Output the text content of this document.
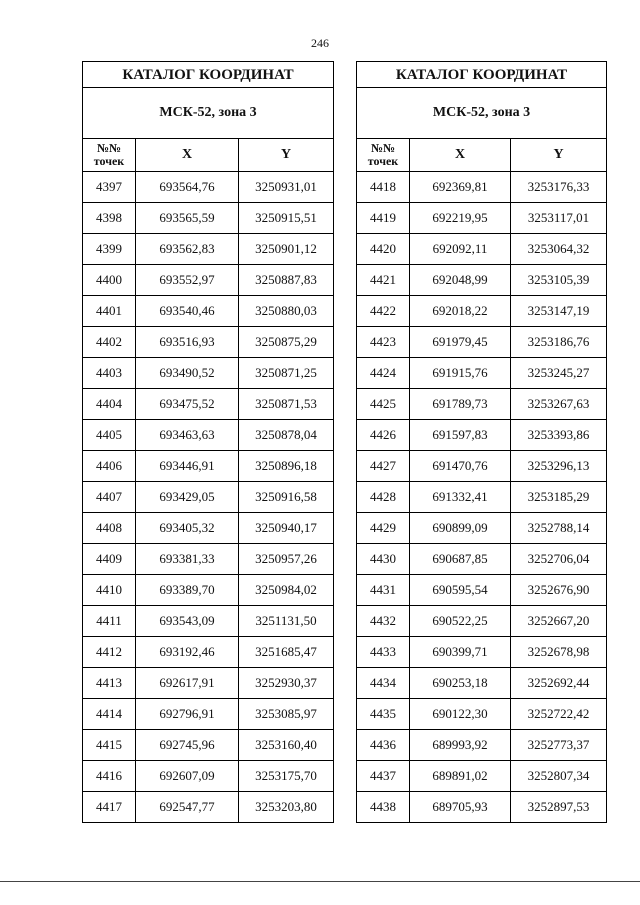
246
КАТАЛОГ КООРДИНАТ		
МСК-52, зона 3		
№№
точек	X	Y
4397	693564,76	3250931,01
4398	693565,59	3250915,51
4399	693562,83	3250901,12
4400	693552,97	3250887,83
4401	693540,46	3250880,03
4402	693516,93	3250875,29
4403	693490,52	3250871,25
4404	693475,52	3250871,53
4405	693463,63	3250878,04
4406	693446,91	3250896,18
4407	693429,05	3250916,58
4408	693405,32	3250940,17
4409	693381,33	3250957,26
4410	693389,70	3250984,02
4411	693543,09	3251131,50
4412	693192,46	3251685,47
4413	692617,91	3252930,37
4414	692796,91	3253085,97
4415	692745,96	3253160,40
4416	692607,09	3253175,70
4417	692547,77	3253203,80
КАТАЛОГ КООРДИНАТ		
МСК-52, зона 3		
№№
точек	X	Y
4418	692369,81	3253176,33
4419	692219,95	3253117,01
4420	692092,11	3253064,32
4421	692048,99	3253105,39
4422	692018,22	3253147,19
4423	691979,45	3253186,76
4424	691915,76	3253245,27
4425	691789,73	3253267,63
4426	691597,83	3253393,86
4427	691470,76	3253296,13
4428	691332,41	3253185,29
4429	690899,09	3252788,14
4430	690687,85	3252706,04
4431	690595,54	3252676,90
4432	690522,25	3252667,20
4433	690399,71	3252678,98
4434	690253,18	3252692,44
4435	690122,30	3252722,42
4436	689993,92	3252773,37
4437	689891,02	3252807,34
4438	689705,93	3252897,53
